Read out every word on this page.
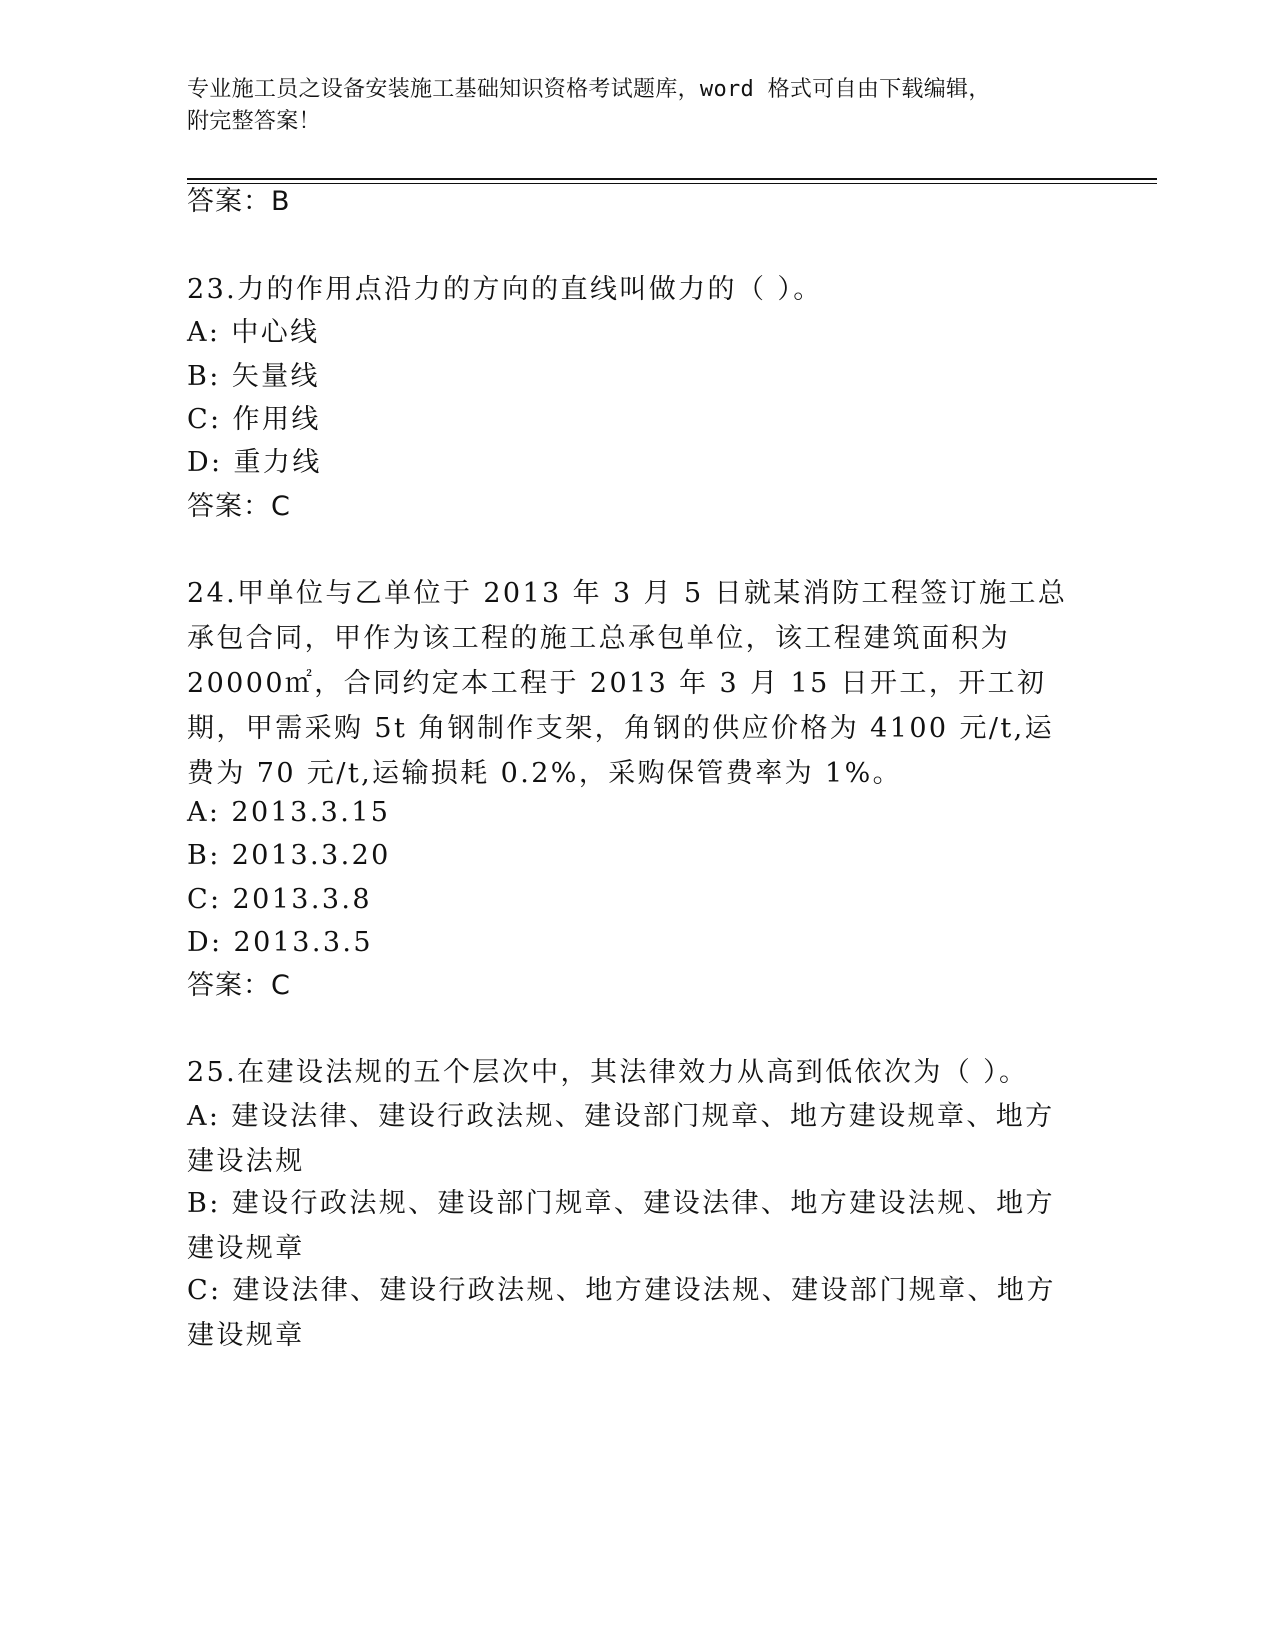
专业施工员之设备安装施工基础知识资格考试题库，word 格式可自由下载编辑，
附完整答案！
答案：B
23.力的作用点沿力的方向的直线叫做力的（ ）。
A: 中心线
B: 矢量线
C: 作用线
D: 重力线
答案：C
24.甲单位与乙单位于 2013 年 3 月 5 日就某消防工程签订施工总承包合同，甲作为该工程的施工总承包单位，该工程建筑面积为 20000㎡，合同约定本工程于 2013 年 3 月 15 日开工，开工初期，甲需采购 5t 角钢制作支架，角钢的供应价格为 4100 元/t,运费为 70 元/t,运输损耗 0.2%，采购保管费率为 1%。
A: 2013.3.15
B: 2013.3.20
C: 2013.3.8
D: 2013.3.5
答案：C
25.在建设法规的五个层次中，其法律效力从高到低依次为（ ）。
A: 建设法律、建设行政法规、建设部门规章、地方建设规章、地方建设法规
B: 建设行政法规、建设部门规章、建设法律、地方建设法规、地方建设规章
C: 建设法律、建设行政法规、地方建设法规、建设部门规章、地方建设规章
